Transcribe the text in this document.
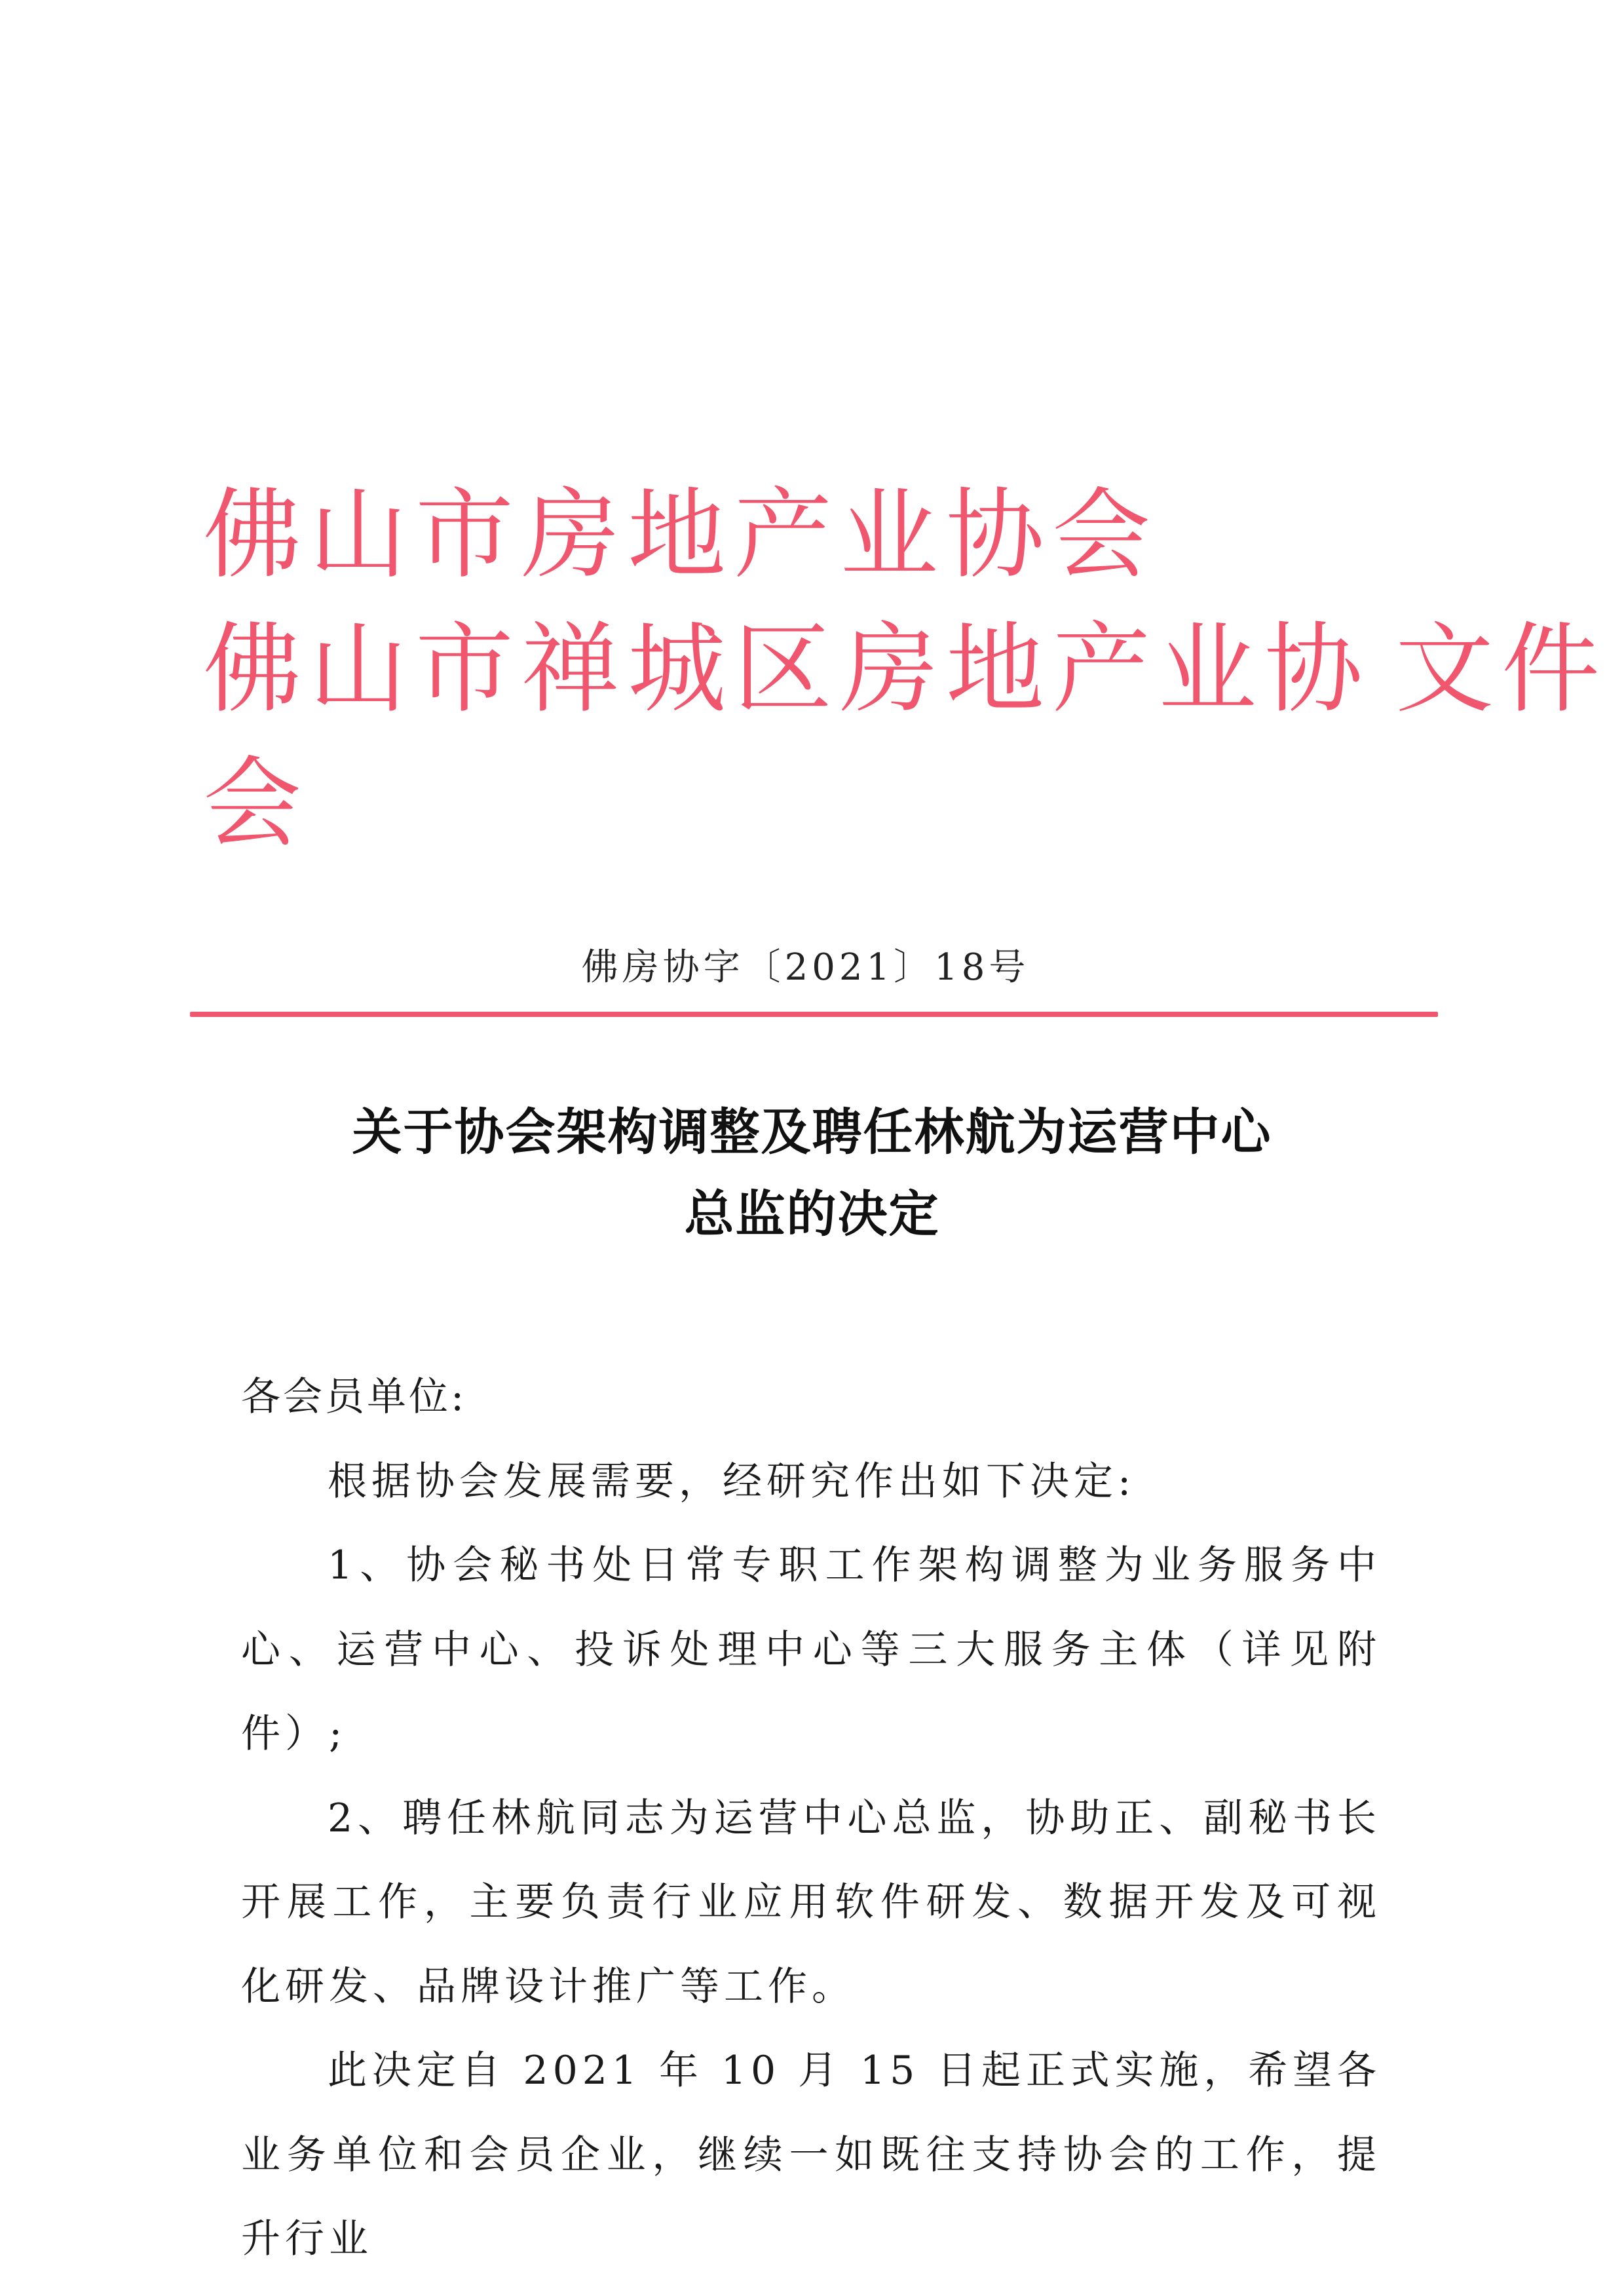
佛山市房地产业协会

佛山市禅城区房地产业协 文件

会

佛房协字〔2021〕18号
关于协会架构调整及聘任林航为运营中心
总监的决定

各会员单位:

根据协会发展需要，经研究作出如下决定:

1、协会秘书处日常专职工作架构调整为业务服务中心、运营中心、投诉处理中心等三大服务主体（详见附件）;

2、聘任林航同志为运营中心总监，协助正、副秘书长开展工作，主要负责行业应用软件研发、数据开发及可视化研发、品牌设计推广等工作。

此决定自 2021 年 10 月 15 日起正式实施，希望各业务单位和会员企业，继续一如既往支持协会的工作，提升行业
